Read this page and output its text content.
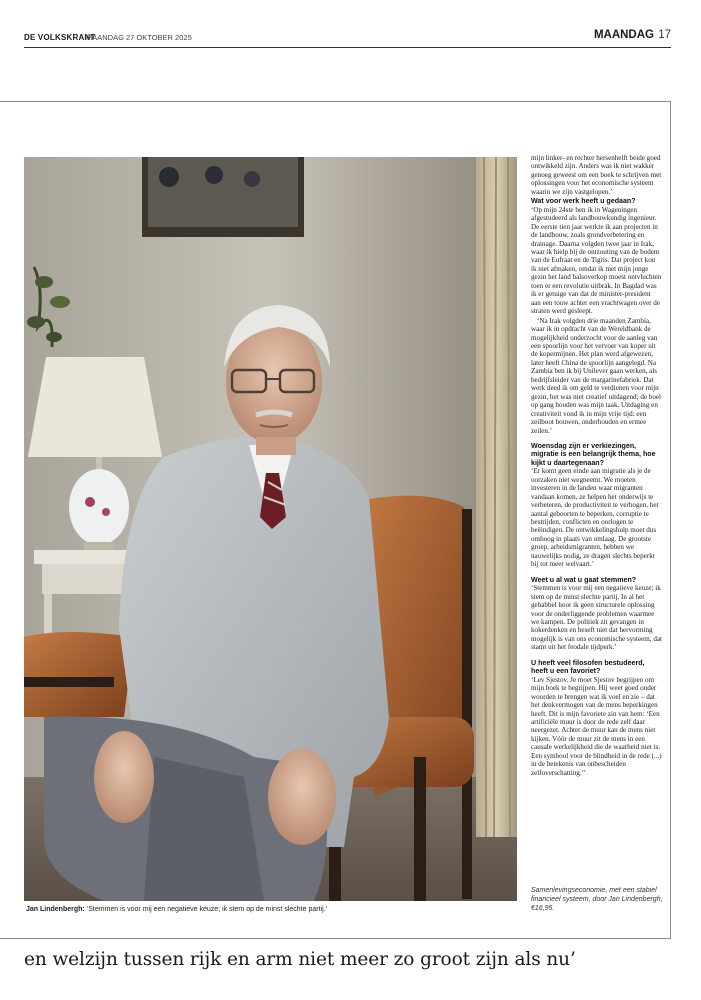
DE VOLKSKRANT
MAANDAG 27 OKTOBER 2025	MAANDAG 17
Jan Lindenbergh: ‘Stemmen is voor mij een negatieve keuze; ik stem op de minst slechte partij.’

mijn linker- en rechter hersenhelft beide goed ontwikkeld zijn. Anders was ik niet wakker genoeg geweest om een boek te schrijven met oplossingen voor het economische systeem waarin we zijn vastgelopen.’

Wat voor werk heeft u gedaan?

‘Op mijn 24ste ben ik in Wageningen afgestudeerd als landbouwkundig ingenieur. De eerste tien jaar werkte ik aan projecten in de landbouw, zoals grondverbetering en drainage. Daarna volgden twee jaar in Irak, waar ik hielp bij de ontzouting van de bodem van de Eufraat en de Tigris. Dat project kon ik niet afmaken, omdat ik met mijn jonge gezin het land halsoverkop moest ontvluchten toen er een revolutie uitbrak. In Bagdad was ik er getuige van dat de minister-president aan een touw achter een vrachtwagen over de straten werd gesleept.

‘Na Irak volgden drie maanden Zambia, waar ik in opdracht van de Wereldbank de mogelijkheid onderzocht voor de aanleg van een spoorlijn voor het vervoer van koper uit de kopermijnen. Het plan werd afgewezen, later heeft China de spoorlijn aangelegd. Na Zambia ben ik bij Unilever gaan werken, als bedrijfsleider van de margarinefabriek. Dat werk deed ik om geld te verdienen voor mijn gezin, het was niet creatief uitdagend; de boel op gang houden was mijn taak. Uitdaging en creativiteit vond ik in mijn vrije tijd: een zeilboot bouwen, onderhouden en ermee zeilen.’

Woensdag zijn er verkiezingen, migratie is een belangrijk thema, hoe kijkt u daartegenaan?

‘Er komt geen einde aan migratie als je de oorzaken niet wegneemt. We moeten investeren in de landen waar migranten vandaan komen, ze helpen het onderwijs te verbeteren, de productiviteit te verhogen, het aantal geboorten te beperken, corruptie te bestrijden, conflicten en oorlogen te beëindigen. De ontwikkelingshulp moet dus omhoog in plaats van omlaag. De grootste groep, arbeidsmigranten, hebben we nauwelijks nodig, ze dragen slechts beperkt bij tot meer welvaart.’

Weet u al wat u gaat stemmen?

‘Stemmen is voor mij een negatieve keuze; ik stem op de minst slechte partij. In al het gebabbel hoor ik geen structurele oplossing voor de onderliggende problemen waarmee we kampen. De politiek zit gevangen in kokerdenken en beseft niet dat hervorming mogelijk is van ons economische systeem, dat stamt uit het feodale tijdperk.’

U heeft veel filosofen bestudeerd, heeft u een favoriet?

‘Lev Sjestov. Je moet Sjestov begrijpen om mijn boek te begrijpen. Hij weet goed onder woorden te brengen wat ik voel en zie – dat het denkvermogen van de mens beperkingen heeft. Dit is mijn favoriete zin van hem: ‘Een artificiële muur is door de rede zelf daar neergezet. Achter de muur kan de mens niet kijken. Vóór de muur zit de mens in een causale werkelijkheid die de waarheid niet is. Een symbool voor de blindheid in de rede (...) in de betekenis van onbescheiden zelfoverschatting.’’

Samenlevingseconomie, met een stabiel financieel systeem, door Jan Lindenbergh, €16,95.
en welzijn tussen rijk en arm niet meer zo groot zijn als nu’
